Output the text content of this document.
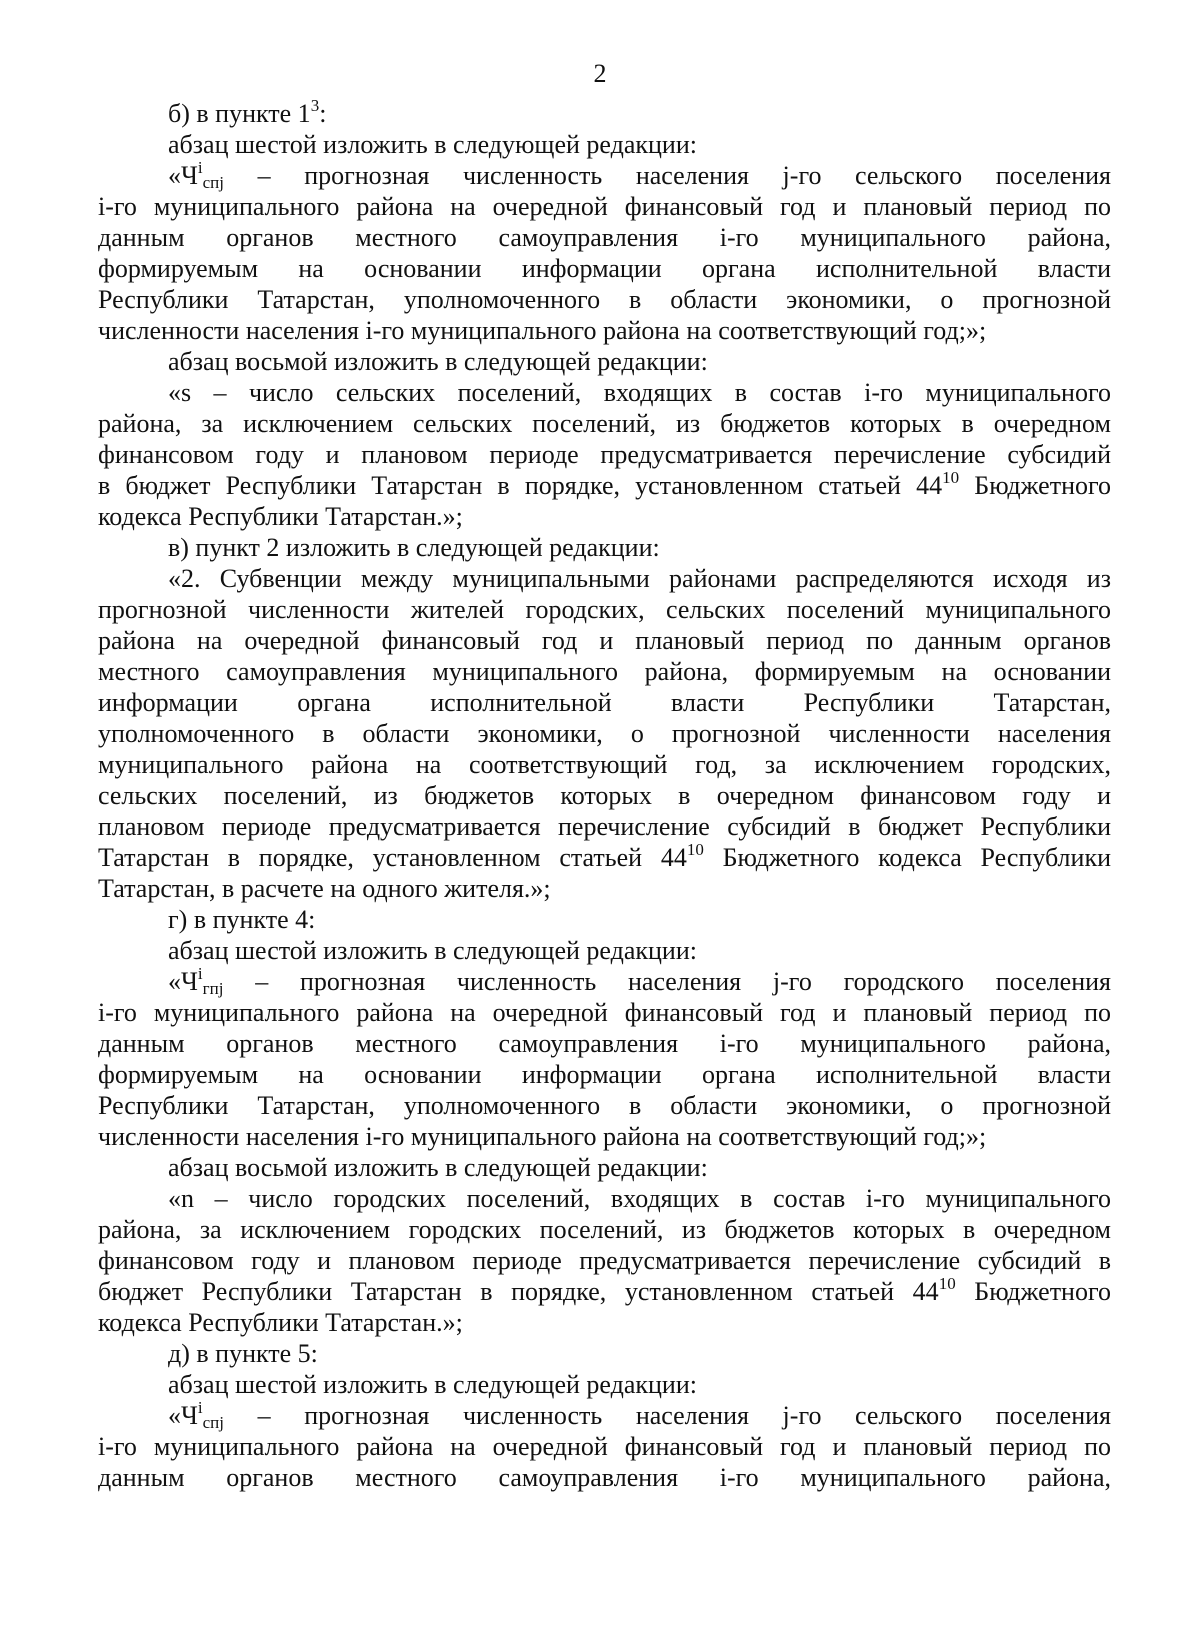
2
б) в пункте $1^3$:
абзац шестой изложить в следующей редакции:
«$Ч^i_{спj}$ – прогнозная численность населения j-го сельского поселения
i-го муниципального района на очередной финансовый год и плановый период по
данным органов местного самоуправления i-го муниципального района,
формируемым на основании информации органа исполнительной власти
Республики Татарстан, уполномоченного в области экономики, о прогнозной
численности населения i-го муниципального района на соответствующий год;»;
абзац восьмой изложить в следующей редакции:
«s – число сельских поселений, входящих в состав i-го муниципального
района, за исключением сельских поселений, из бюджетов которых в очередном
финансовом году и плановом периоде предусматривается перечисление субсидий
в бюджет Республики Татарстан в порядке, установленном статьей $44^{10}$ Бюджетного
кодекса Республики Татарстан.»;
в) пункт 2 изложить в следующей редакции:
«2. Субвенции между муниципальными районами распределяются исходя из
прогнозной численности жителей городских, сельских поселений муниципального
района на очередной финансовый год и плановый период по данным органов
местного самоуправления муниципального района, формируемым на основании
информации органа исполнительной власти Республики Татарстан,
уполномоченного в области экономики, о прогнозной численности населения
муниципального района на соответствующий год, за исключением городских,
сельских поселений, из бюджетов которых в очередном финансовом году и
плановом периоде предусматривается перечисление субсидий в бюджет Республики
Татарстан в порядке, установленном статьей $44^{10}$ Бюджетного кодекса Республики
Татарстан, в расчете на одного жителя.»;
г) в пункте 4:
абзац шестой изложить в следующей редакции:
«$Ч^i_{гпj}$ – прогнозная численность населения j-го городского поселения
i-го муниципального района на очередной финансовый год и плановый период по
данным органов местного самоуправления i-го муниципального района,
формируемым на основании информации органа исполнительной власти
Республики Татарстан, уполномоченного в области экономики, о прогнозной
численности населения i-го муниципального района на соответствующий год;»;
абзац восьмой изложить в следующей редакции:
«n – число городских поселений, входящих в состав i-го муниципального
района, за исключением городских поселений, из бюджетов которых в очередном
финансовом году и плановом периоде предусматривается перечисление субсидий в
бюджет Республики Татарстан в порядке, установленном статьей $44^{10}$ Бюджетного
кодекса Республики Татарстан.»;
д) в пункте 5:
абзац шестой изложить в следующей редакции:
«$Ч^i_{спj}$ – прогнозная численность населения j-го сельского поселения
i-го муниципального района на очередной финансовый год и плановый период по
данным органов местного самоуправления i-го муниципального района,
